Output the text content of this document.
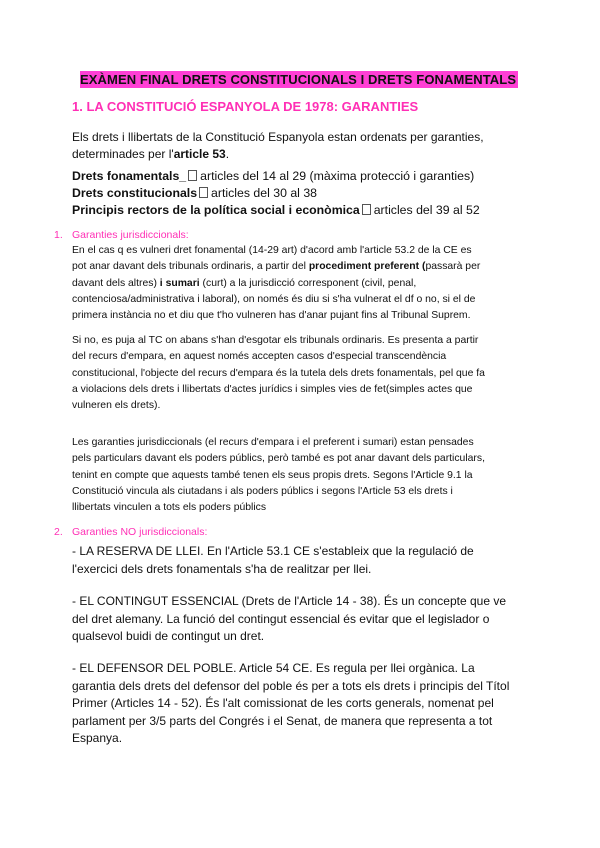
EXÀMEN FINAL DRETS CONSTITUCIONALS I DRETS FONAMENTALS
1. LA CONSTITUCIÓ ESPANYOLA DE 1978: GARANTIES
Els drets i llibertats de la Constitució Espanyola estan ordenats per garanties,
determinades per l'article 53.
Drets fonamentals_ articles del 14 al 29 (màxima protecció i garanties)
Drets constitucionals articles del 30 al 38
Principis rectors de la política social i econòmica articles del 39 al 52
1. Garanties jurisdiccionals:
En el cas q es vulneri dret fonamental (14-29 art) d'acord amb l'article 53.2 de la CE es
pot anar davant dels tribunals ordinaris, a partir del procediment preferent (passarà per
davant dels altres) i sumari (curt) a la jurisdicció corresponent (civil, penal,
contenciosa/administrativa i laboral), on només és diu si s'ha vulnerat el df o no, si el de
primera instància no et diu que t'ho vulneren has d'anar pujant fins al Tribunal Suprem.
Si no, es puja al TC on abans s'han d'esgotar els tribunals ordinaris. Es presenta a partir
del recurs d'empara, en aquest només accepten casos d'especial transcendència
constitucional, l'objecte del recurs d'empara és la tutela dels drets fonamentals, pel que fa
a violacions dels drets i llibertats d'actes jurídics i simples vies de fet(simples actes que
vulneren els drets).
Les garanties jurisdiccionals (el recurs d'empara i el preferent i sumari) estan pensades
pels particulars davant els poders públics, però també es pot anar davant dels particulars,
tenint en compte que aquests també tenen els seus propis drets. Segons l'Article 9.1 la
Constitució vincula als ciutadans i als poders públics i segons l'Article 53 els drets i
llibertats vinculen a tots els poders públics
2. Garanties NO jurisdiccionals:
- LA RESERVA DE LLEI. En l'Article 53.1 CE s'estableix que la regulació de
l'exercici dels drets fonamentals s'ha de realitzar per llei.
- EL CONTINGUT ESSENCIAL (Drets de l'Article 14 - 38). És un concepte que ve
del dret alemany. La funció del contingut essencial és evitar que el legislador o
qualsevol buidi de contingut un dret.
- EL DEFENSOR DEL POBLE. Article 54 CE. Es regula per llei orgànica. La
garantia dels drets del defensor del poble és per a tots els drets i principis del Títol
Primer (Articles 14 - 52). És l'alt comissionat de les corts generals, nomenat pel
parlament per 3/5 parts del Congrés i el Senat, de manera que representa a tot
Espanya.
